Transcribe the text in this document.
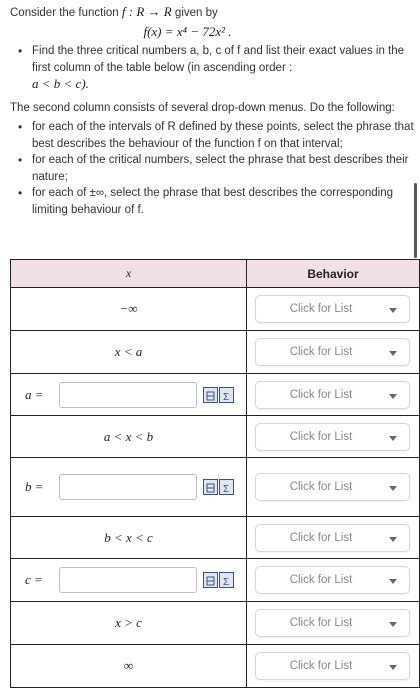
Consider the function f : R → R given by
f(x) = x⁴ − 72x² .
• Find the three critical numbers a, b, c of f and list their exact values in the first column of the table below (in ascending order :
a < b < c).
The second column consists of several drop-down menus. Do the following:
• for each of the intervals of R defined by these points, select the phrase that best describes the behaviour of the function f on that interval;
• for each of the critical numbers, select the phrase that best describes their nature;
• for each of ±∞, select the phrase that best describes the corresponding limiting behaviour of f.
x	Behavior
−∞	Click for List

x < a	Click for List

a = Σ	Click for List

a < x < b	Click for List

b = Σ	Click for List

b < x < c	Click for List

c = Σ	Click for List

x > c	Click for List

∞	Click for List
